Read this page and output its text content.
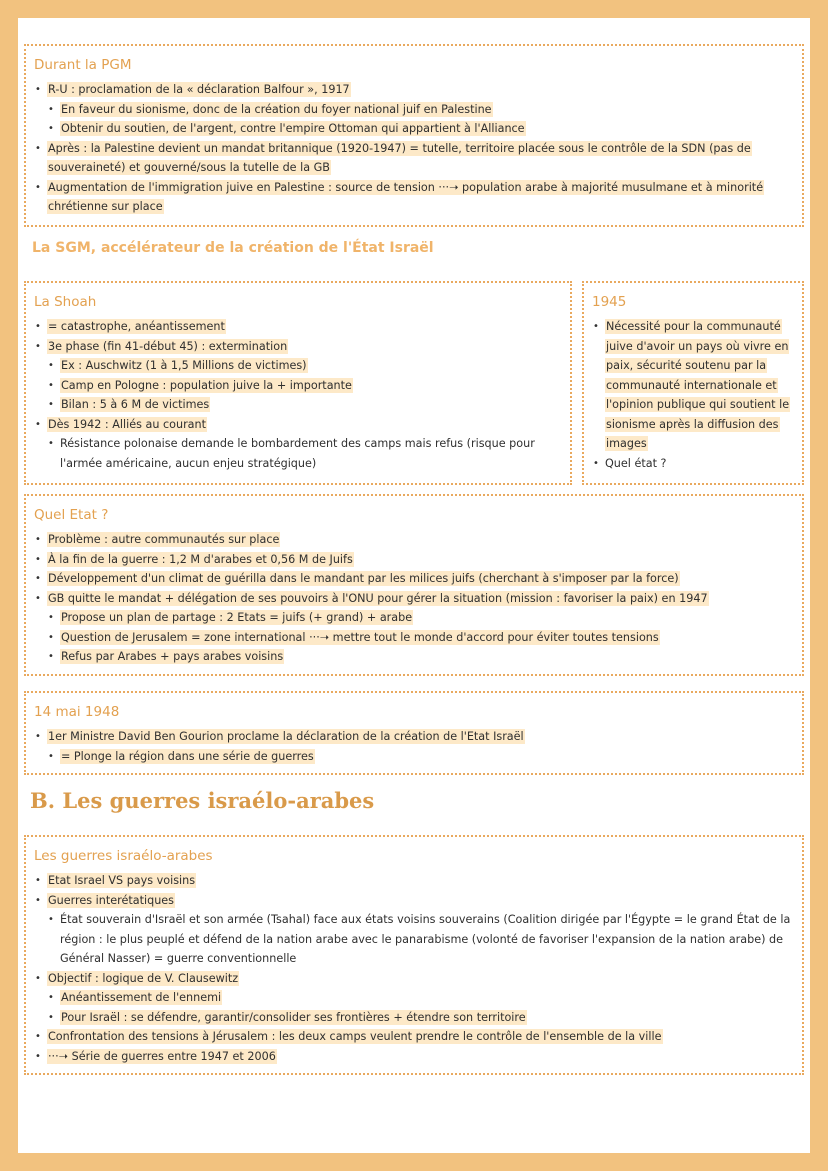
Durant la PGM
• R-U : proclamation de la « déclaration Balfour », 1917
• En faveur du sionisme, donc de la création du foyer national juif en Palestine
• Obtenir du soutien, de l'argent, contre l'empire Ottoman qui appartient à l'Alliance
• Après : la Palestine devient un mandat britannique (1920-1947) = tutelle, territoire placée sous le contrôle de la SDN (pas de souveraineté) et gouverné/sous la tutelle de la GB
• Augmentation de l'immigration juive en Palestine : source de tension ···➝ population arabe à majorité musulmane et à minorité chrétienne sur place
La SGM, accélérateur de la création de l'État Israël
La Shoah
• = catastrophe, anéantissement
• 3e phase (fin 41-début 45) : extermination
• Ex : Auschwitz (1 à 1,5 Millions de victimes)
• Camp en Pologne : population juive la + importante
• Bilan : 5 à 6 M de victimes
• Dès 1942 : Alliés au courant
• Résistance polonaise demande le bombardement des camps mais refus (risque pour l'armée américaine, aucun enjeu stratégique)
1945
• Nécessité pour la communauté juive d'avoir un pays où vivre en paix, sécurité soutenu par la communauté internationale et l'opinion publique qui soutient le sionisme après la diffusion des images
• Quel état ?
Quel Etat ?
• Problème : autre communautés sur place
• À la fin de la guerre : 1,2 M d'arabes et 0,56 M de Juifs
• Développement d'un climat de guérilla dans le mandant par les milices juifs (cherchant à s'imposer par la force)
• GB quitte le mandat + délégation de ses pouvoirs à l'ONU pour gérer la situation (mission : favoriser la paix) en 1947
• Propose un plan de partage : 2 Etats = juifs (+ grand) + arabe
• Question de Jerusalem = zone international ···➝ mettre tout le monde d'accord pour éviter toutes tensions
• Refus par Arabes + pays arabes voisins
14 mai 1948
• 1er Ministre David Ben Gourion proclame la déclaration de la création de l'Etat Israël
• = Plonge la région dans une série de guerres
B. Les guerres israélo-arabes
Les guerres israélo-arabes
• Etat Israel VS pays voisins
• Guerres interétatiques
• État souverain d'Israël et son armée (Tsahal) face aux états voisins souverains (Coalition dirigée par l'Égypte = le grand État de la région : le plus peuplé et défend de la nation arabe avec le panarabisme (volonté de favoriser l'expansion de la nation arabe) de Général Nasser) = guerre conventionnelle
• Objectif : logique de V. Clausewitz
• Anéantissement de l'ennemi
• Pour Israël : se défendre, garantir/consolider ses frontières + étendre son territoire
• Confrontation des tensions à Jérusalem : les deux camps veulent prendre le contrôle de l'ensemble de la ville
• ···➝ Série de guerres entre 1947 et 2006
